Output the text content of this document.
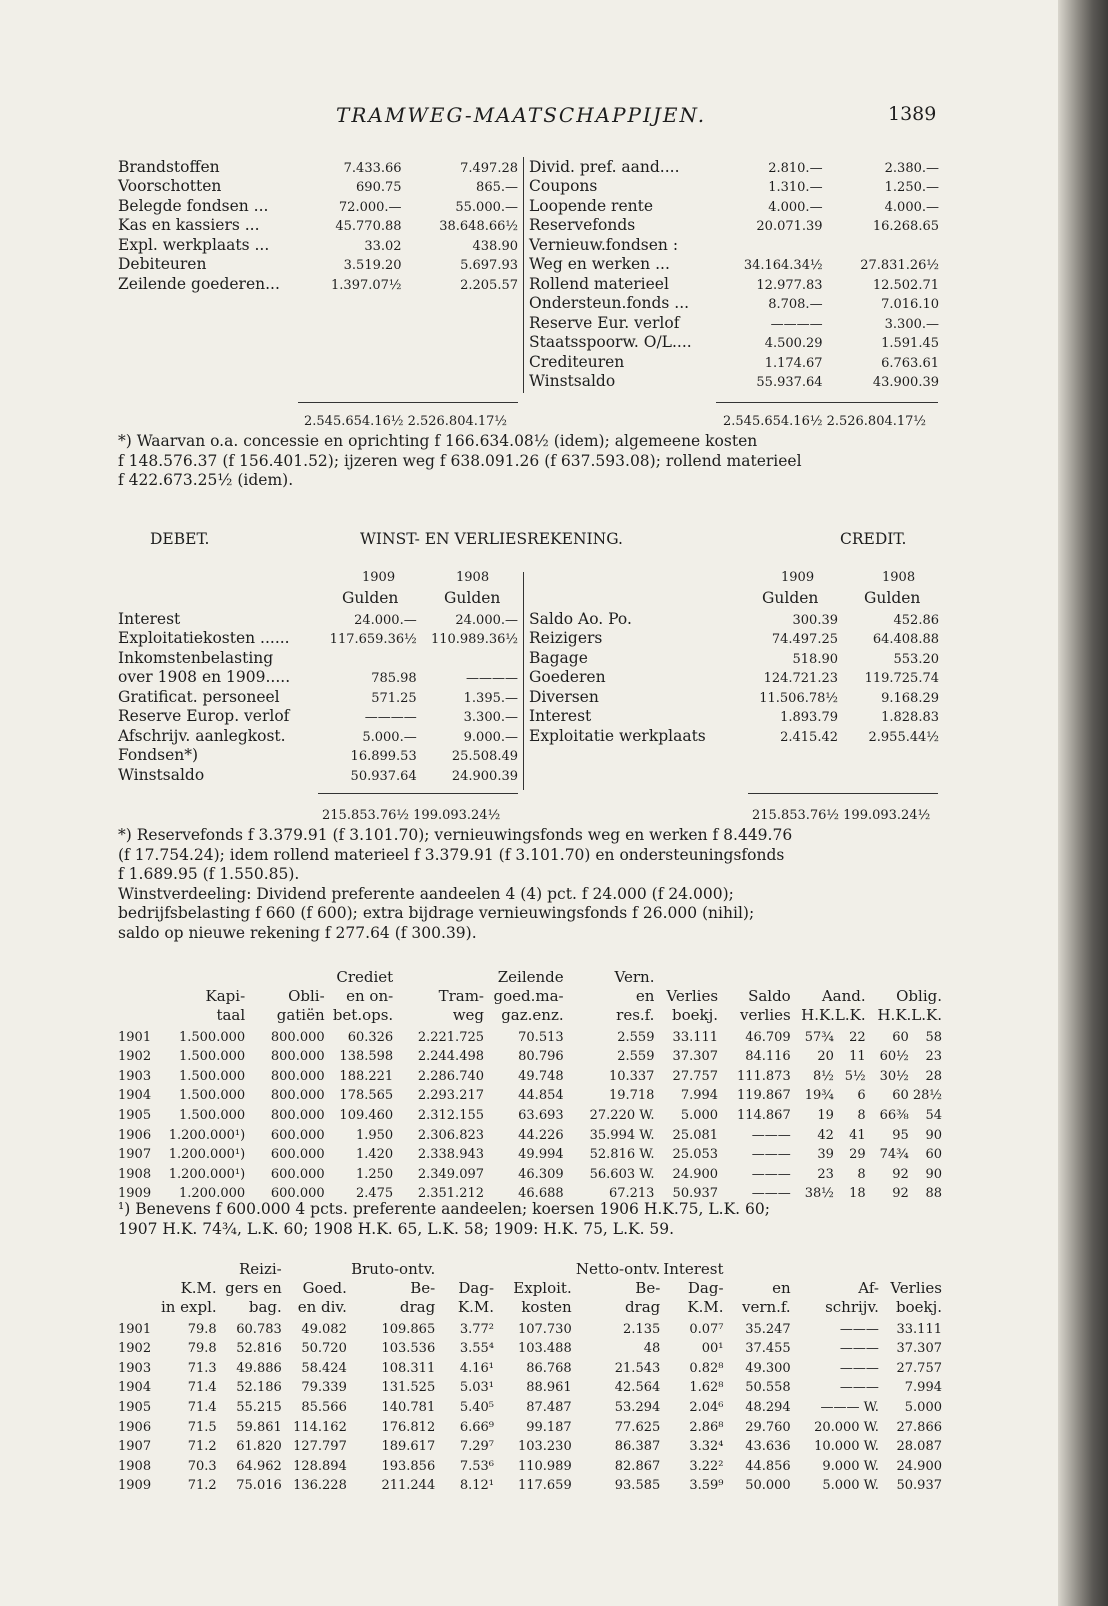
TRAMWEG-MAATSCHAPPIJEN.	1389
Brandstoffen	7.433.66	7.497.28
Voorschotten	690.75	865.—
Belegde fondsen ...	72.000.—	55.000.—
Kas en kassiers ...	45.770.88	38.648.66½
Expl. werkplaats ...	33.02	438.90
Debiteuren	3.519.20	5.697.93
Zeilende goederen...	1.397.07½	2.205.57
Divid. pref. aand....	2.810.—	2.380.—
Coupons	1.310.—	1.250.—
Loopende rente	4.000.—	4.000.—
Reservefonds	20.071.39	16.268.65
Vernieuw.fondsen :		
Weg en werken ...	34.164.34½	27.831.26½
Rollend materieel	12.977.83	12.502.71
Ondersteun.fonds ...	8.708.—	7.016.10
Reserve Eur. verlof	————	3.300.—
Staatsspoorw. O/L....	4.500.29	1.591.45
Crediteuren	1.174.67	6.763.61
Winstsaldo	55.937.64	43.900.39
2.545.654.16½ 2.526.804.17½	2.545.654.16½ 2.526.804.17½
*) Waarvan o.a. concessie en oprichting f 166.634.08½ (idem); algemeene kosten
f 148.576.37 (f 156.401.52); ijzeren weg f 638.091.26 (f 637.593.08); rollend materieel
f 422.673.25½ (idem).
DEBET.	WINST- EN VERLIESREKENING.	CREDIT.
1909	1908
Gulden	Gulden
1909	1908
Gulden	Gulden
Interest	24.000.—	24.000.—
Exploitatiekosten ......	117.659.36½	110.989.36½
Inkomstenbelasting		
over 1908 en 1909.....	785.98	————
Gratificat. personeel	571.25	1.395.—
Reserve Europ. verlof	————	3.300.—
Afschrijv. aanlegkost.	5.000.—	9.000.—
Fondsen*)	16.899.53	25.508.49
Winstsaldo	50.937.64	24.900.39
Saldo Ao. Po.	300.39	452.86
Reizigers	74.497.25	64.408.88
Bagage	518.90	553.20
Goederen	124.721.23	119.725.74
Diversen	11.506.78½	9.168.29
Interest	1.893.79	1.828.83
Exploitatie werkplaats	2.415.42	2.955.44½
215.853.76½ 199.093.24½	215.853.76½ 199.093.24½
*) Reservefonds f 3.379.91 (f 3.101.70); vernieuwingsfonds weg en werken f 8.449.76
(f 17.754.24); idem rollend materieel f 3.379.91 (f 3.101.70) en ondersteuningsfonds
f 1.689.95 (f 1.550.85).
Winstverdeeling: Dividend preferente aandeelen 4 (4) pct. f 24.000 (f 24.000);
bedrijfsbelasting f 660 (f 600); extra bijdrage vernieuwingsfonds f 26.000 (nihil);
saldo op nieuwe rekening f 277.64 (f 300.39).
			Crediet		Zeilende	Vern.						
	Kapi-	Obli-	en on-	Tram-	goed.ma-	en	Verlies	Saldo	Aand.		Oblig.	
	taal	gatiën	bet.ops.	weg	gaz.enz.	res.f.	boekj.	verlies	H.K.L.K.		H.K.L.K.	
1901	1.500.000	800.000	60.326	2.221.725	70.513	2.559	33.111	46.709	57¾	22	60	58
1902	1.500.000	800.000	138.598	2.244.498	80.796	2.559	37.307	84.116	20	11	60½	23
1903	1.500.000	800.000	188.221	2.286.740	49.748	10.337	27.757	111.873	8½	5½	30½	28
1904	1.500.000	800.000	178.565	2.293.217	44.854	19.718	7.994	119.867	19¾	6	60	28½
1905	1.500.000	800.000	109.460	2.312.155	63.693	27.220 W.	5.000	114.867	19	8	66⅜	54
1906	1.200.000¹)	600.000	1.950	2.306.823	44.226	35.994 W.	25.081	———	42	41	95	90
1907	1.200.000¹)	600.000	1.420	2.338.943	49.994	52.816 W.	25.053	———	39	29	74¾	60
1908	1.200.000¹)	600.000	1.250	2.349.097	46.309	56.603 W.	24.900	———	23	8	92	90
1909	1.200.000	600.000	2.475	2.351.212	46.688	67.213	50.937	———	38½	18	92	88
¹) Benevens f 600.000 4 pcts. preferente aandeelen; koersen 1906 H.K.75, L.K. 60;
1907 H.K. 74¾, L.K. 60; 1908 H.K. 65, L.K. 58; 1909: H.K. 75, L.K. 59.
		Reizi-		Bruto-ontv.			Netto-ontv.	Interest			
	K.M.	gers en	Goed.	Be-	Dag-	Exploit.	Be-	Dag-	en	Af-	Verlies
	in expl.	bag.	en div.	drag	K.M.	kosten	drag	K.M.	vern.f.	schrijv.	boekj.
1901	79.8	60.783	49.082	109.865	3.77²	107.730	2.135	0.07⁷	35.247	———	33.111
1902	79.8	52.816	50.720	103.536	3.55⁴	103.488	48	00¹	37.455	———	37.307
1903	71.3	49.886	58.424	108.311	4.16¹	86.768	21.543	0.82⁸	49.300	———	27.757
1904	71.4	52.186	79.339	131.525	5.03¹	88.961	42.564	1.62⁸	50.558	———	7.994
1905	71.4	55.215	85.566	140.781	5.40⁵	87.487	53.294	2.04⁶	48.294	——— W.	5.000
1906	71.5	59.861	114.162	176.812	6.66⁹	99.187	77.625	2.86⁸	29.760	20.000 W.	27.866
1907	71.2	61.820	127.797	189.617	7.29⁷	103.230	86.387	3.32⁴	43.636	10.000 W.	28.087
1908	70.3	64.962	128.894	193.856	7.53⁶	110.989	82.867	3.22²	44.856	9.000 W.	24.900
1909	71.2	75.016	136.228	211.244	8.12¹	117.659	93.585	3.59⁹	50.000	5.000 W.	50.937
